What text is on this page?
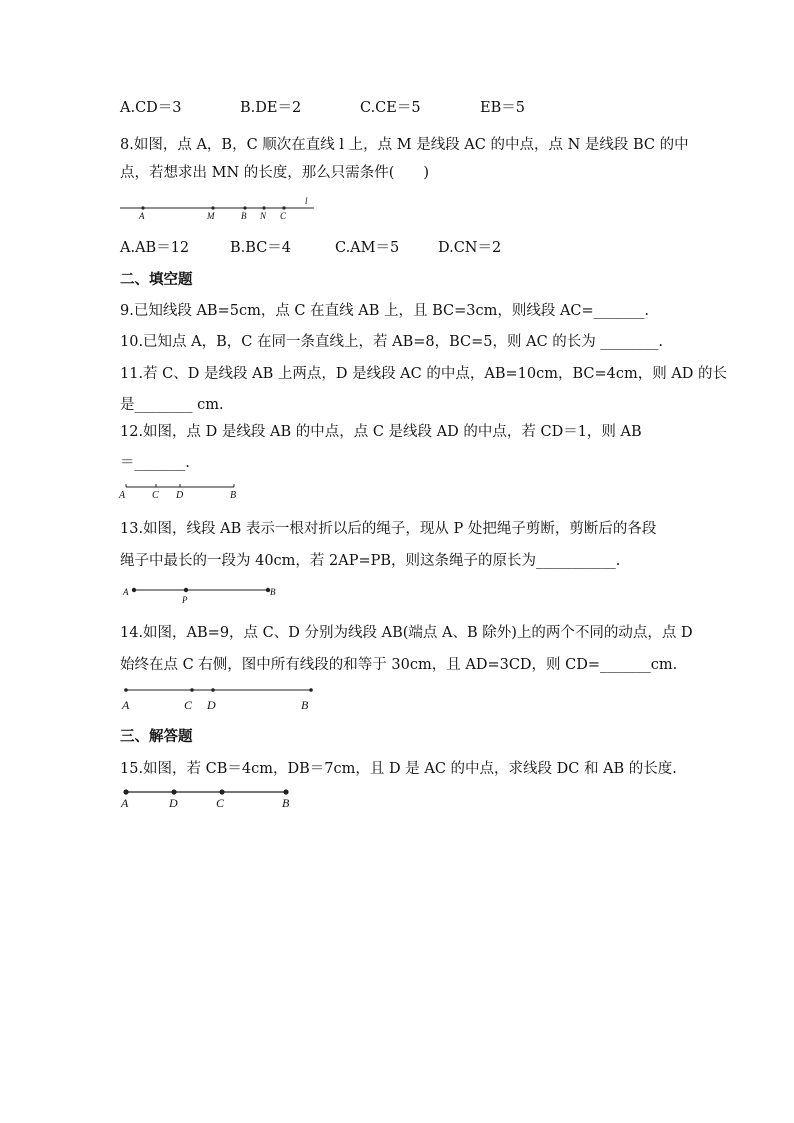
A.CD＝3	B.DE＝2	C.CE＝5	EB＝5
8.如图，点 A，B，C 顺次在直线 l 上，点 M 是线段 AC 的中点，点 N 是线段 BC 的中
点，若想求出 MN 的长度，那么只需条件(　　)
A	M	B N C
l
A.AB＝12	B.BC＝4	C.AM＝5	D.CN＝2
二、填空题
9.已知线段 AB=5cm，点 C 在直线 AB 上，且 BC=3cm，则线段 AC=_______.
10.已知点 A，B，C 在同一条直线上，若 AB=8，BC=5，则 AC 的长为 ________.
11.若 C、D 是线段 AB 上两点，D 是线段 AC 的中点，AB=10cm，BC=4cm，则 AD 的长
是________ cm.
12.如图，点 D 是线段 AB 的中点，点 C 是线段 AD 的中点，若 CD＝1，则 AB
＝_______.
A	C D	B
13.如图，线段 AB 表示一根对折以后的绳子，现从 P 处把绳子剪断，剪断后的各段
绳子中最长的一段为 40cm，若 2AP=PB，则这条绳子的原长为___________.
A
P
B
14.如图，AB=9，点 C、D 分别为线段 AB(端点 A、B 除外)上的两个不同的动点，点 D
始终在点 C 右侧，图中所有线段的和等于 30cm，且 AD=3CD，则 CD=_______cm.
A	C D	B
三、解答题
15.如图，若 CB＝4cm，DB＝7cm，且 D 是 AC 的中点，求线段 DC 和 AB 的长度.
A	D	C	B
